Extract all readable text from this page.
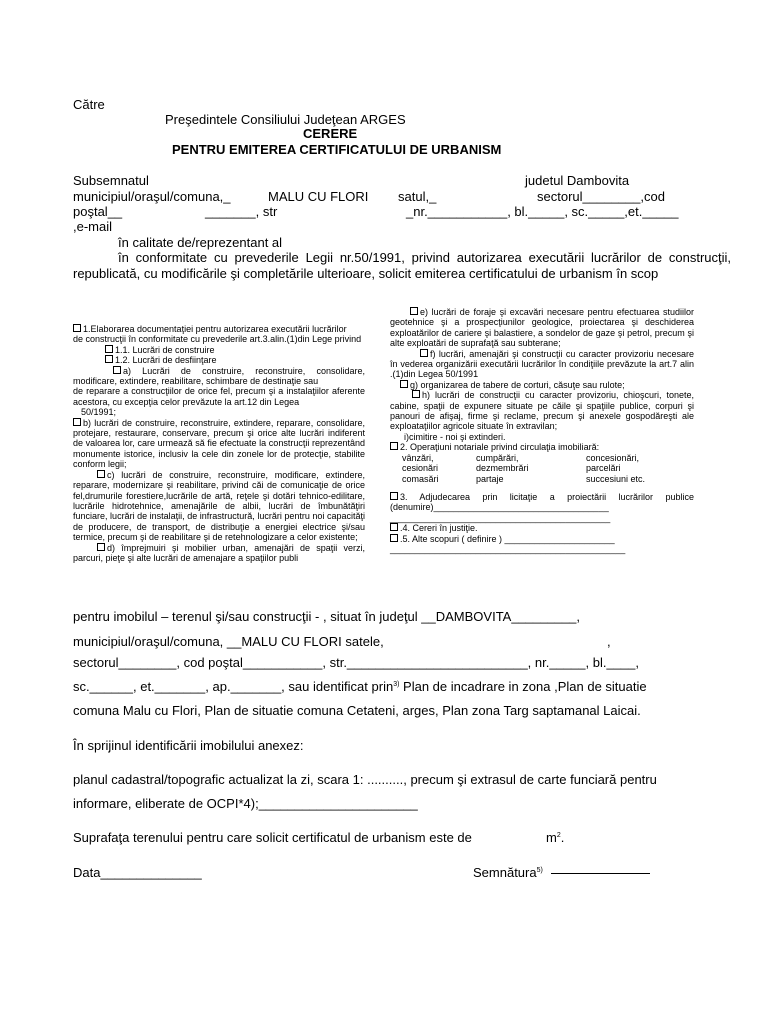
Către
Preşedintele Consiliului Judeţean ARGES
CERERE
PENTRU EMITEREA CERTIFICATULUI DE URBANISM
Subsemnatul	judetul Dambovita
municipiul/oraşul/comuna,_	MALU CU FLORI satul,_	sectorul________,cod
poştal__	_______, str	_nr.___________, bl._____, sc._____,et._____
,e-mail
în calitate de/reprezentant al
în conformitate cu prevederile Legii nr.50/1991, privind autorizarea executării lucrărilor de construcţii, republicată, cu modificările şi completările ulterioare, solicit emiterea certificatului de urbanism în scop

1.Elaborarea documentaţiei pentru autorizarea executării lucrărilor

de construcţii în conformitate cu prevederile art.3.alin.(1)din Lege privind

1.1. Lucrări de construire

1.2. Lucrări de desfiinţare

a) Lucrări de construire, reconstruire, consolidare, modificare, extindere, reabilitare, schimbare de destinaţie sau

de reparare a construcţiilor de orice fel, precum şi a instalaţiilor aferente acestora, cu excepţia celor prevăzute la art.12 din Legea

50/1991;

b) lucrări de construire, reconstruire, extindere, reparare, consolidare, protejare, restaurare, conservare, precum şi orice alte lucrări indiferent de valoarea lor, care urmează să fie efectuate la construcţii reprezentând monumente istorice, inclusiv la cele din zonele lor de protecţie, stabilite conform legii;

c) lucrări de construire, reconstruire, modificare, extindere, reparare, modernizare şi reabilitare, privind căi de comunicaţie de orice fel,drumurile forestiere,lucrările de artă, reţele şi dotări tehnico-edilitare, lucrările hidrotehnice, amenajările de albii, lucrări de îmbunătăţiri funciare, lucrări de instalaţii, de infrastructură, lucrări pentru noi capacităţi de producere, de transport, de distribuţie a energiei electrice şi/sau termice, precum şi de reabilitare şi de retehnologizare a celor existente;

d) împrejmuiri şi mobilier urban, amenajări de spaţii verzi, parcuri, pieţe şi alte lucrări de amenajare a spaţiilor publi

e) lucrări de foraje şi excavări necesare pentru efectuarea studiilor geotehnice şi a prospecţiunilor geologice, proiectarea şi deschiderea exploatărilor de cariere şi balastiere, a sondelor de gaze şi petrol, precum şi alte exploatări de suprafaţă sau subterane;

f) lucrări, amenajări şi construcţii cu caracter provizoriu necesare în vederea organizării executării lucrărilor în condiţiile prevăzute la art.7 alin .(1)din Legea 50/1991

g) organizarea de tabere de corturi, căsuţe sau rulote;

h) lucrări de construcţii cu caracter provizoriu, chioşcuri, tonete, cabine, spaţii de expunere situate pe căile şi spaţiile publice, corpuri şi panouri de afişaj, firme şi reclame, precum şi anexele gospodăreşti ale exploataţiilor agricole situate în extravilan;

i)cimitire - noi şi extinderi.

2. Operaţiuni notariale privind circulaţia imobiliară:

vânzări,	cumpărări,	concesionări,
cesionări	dezmembrări	parcelări
comasări	partaje	succesiuni etc.

3. Adjudecarea prin licitaţie a proiectării lucrărilor publice (denumire)___________________________________

____________________________________________

.4. Cereri în justiţie.

.5. Alte scopuri ( definire ) ______________________

_______________________________________________

pentru imobilul – terenul şi/sau construcţii - , situat în judeţul __DAMBOVITA_________,
municipiul/oraşul/comuna, __MALU CU FLORI satele,	,
sectorul________, cod poştal___________, str._________________________, nr._____, bl.____,
sc.______, et._______, ap._______, sau identificat prin$^{3)}$ Plan de incadrare in zona ,Plan de situatie
comuna Malu cu Flori, Plan de situatie comuna Cetateni, arges, Plan zona Targ saptamanal Laicai.
În sprijinul identificării imobilului anexez:
planul cadastral/topografic actualizat la zi, scara 1: .........., precum şi extrasul de carte funciară pentru
informare, eliberate de OCPI*4);______________________
Suprafaţa terenului pentru care solicit certificatul de urbanism este de	$m^2$.
Data______________	Semnătura$^{5)}$
